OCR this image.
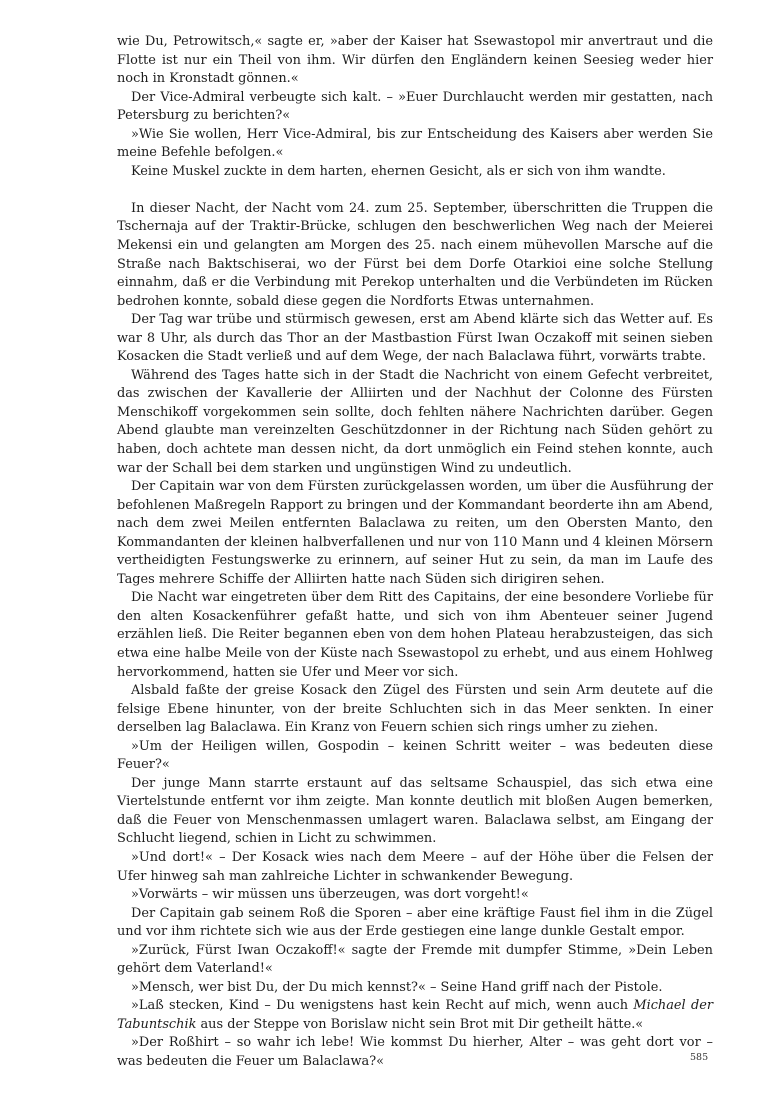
wie Du, Petrowitsch,« sagte er, »aber der Kaiser hat Ssewastopol mir anvertraut und die Flotte ist nur ein Theil von ihm. Wir dürfen den Engländern keinen Seesieg weder hier noch in Kronstadt gönnen.«

Der Vice-Admiral verbeugte sich kalt. – »Euer Durchlaucht werden mir gestatten, nach Petersburg zu berichten?«

»Wie Sie wollen, Herr Vice-Admiral, bis zur Entscheidung des Kaisers aber werden Sie meine Befehle befolgen.«

Keine Muskel zuckte in dem harten, ehernen Gesicht, als er sich von ihm wandte.

In dieser Nacht, der Nacht vom 24. zum 25. September, überschritten die Truppen die Tschernaja auf der Traktir-Brücke, schlugen den beschwerlichen Weg nach der Meierei Mekensi ein und gelangten am Morgen des 25. nach einem mühevollen Marsche auf die Straße nach Baktschiserai, wo der Fürst bei dem Dorfe Otarkioi eine solche Stellung einnahm, daß er die Verbindung mit Perekop unterhalten und die Verbündeten im Rücken bedrohen konnte, sobald diese gegen die Nordforts Etwas unternahmen.

Der Tag war trübe und stürmisch gewesen, erst am Abend klärte sich das Wetter auf. Es war 8 Uhr, als durch das Thor an der Mastbastion Fürst Iwan Oczakoff mit seinen sieben Kosacken die Stadt verließ und auf dem Wege, der nach Balaclawa führt, vorwärts trabte.

Während des Tages hatte sich in der Stadt die Nachricht von einem Gefecht verbreitet, das zwischen der Kavallerie der Alliirten und der Nachhut der Colonne des Fürsten Menschikoff vorgekommen sein sollte, doch fehlten nähere Nachrichten darüber. Gegen Abend glaubte man vereinzelten Geschützdonner in der Richtung nach Süden gehört zu haben, doch achtete man dessen nicht, da dort unmöglich ein Feind stehen konnte, auch war der Schall bei dem starken und ungünstigen Wind zu undeutlich.

Der Capitain war von dem Fürsten zurückgelassen worden, um über die Ausführung der befohlenen Maßregeln Rapport zu bringen und der Kommandant beorderte ihn am Abend, nach dem zwei Meilen entfernten Balaclawa zu reiten, um den Obersten Manto, den Kommandanten der kleinen halbverfallenen und nur von 110 Mann und 4 kleinen Mörsern vertheidigten Festungswerke zu erinnern, auf seiner Hut zu sein, da man im Laufe des Tages mehrere Schiffe der Alliirten hatte nach Süden sich dirigiren sehen.

Die Nacht war eingetreten über dem Ritt des Capitains, der eine besondere Vorliebe für den alten Kosackenführer gefaßt hatte, und sich von ihm Abenteuer seiner Jugend erzählen ließ. Die Reiter begannen eben von dem hohen Plateau herabzusteigen, das sich etwa eine halbe Meile von der Küste nach Ssewastopol zu erhebt, und aus einem Hohlweg hervorkommend, hatten sie Ufer und Meer vor sich.

Alsbald faßte der greise Kosack den Zügel des Fürsten und sein Arm deutete auf die felsige Ebene hinunter, von der breite Schluchten sich in das Meer senkten. In einer derselben lag Balaclawa. Ein Kranz von Feuern schien sich rings umher zu ziehen.

»Um der Heiligen willen, Gospodin – keinen Schritt weiter – was bedeuten diese Feuer?«

Der junge Mann starrte erstaunt auf das seltsame Schauspiel, das sich etwa eine Viertelstunde entfernt vor ihm zeigte. Man konnte deutlich mit bloßen Augen bemerken, daß die Feuer von Menschenmassen umlagert waren. Balaclawa selbst, am Eingang der Schlucht liegend, schien in Licht zu schwimmen.

»Und dort!« – Der Kosack wies nach dem Meere – auf der Höhe über die Felsen der Ufer hinweg sah man zahlreiche Lichter in schwankender Bewegung.

»Vorwärts – wir müssen uns überzeugen, was dort vorgeht!«

Der Capitain gab seinem Roß die Sporen – aber eine kräftige Faust fiel ihm in die Zügel und vor ihm richtete sich wie aus der Erde gestiegen eine lange dunkle Gestalt empor.

»Zurück, Fürst Iwan Oczakoff!« sagte der Fremde mit dumpfer Stimme, »Dein Leben gehört dem Vaterland!«

»Mensch, wer bist Du, der Du mich kennst?« – Seine Hand griff nach der Pistole.

»Laß stecken, Kind – Du wenigstens hast kein Recht auf mich, wenn auch Michael der Tabuntschik aus der Steppe von Borislaw nicht sein Brot mit Dir getheilt hätte.«

»Der Roßhirt – so wahr ich lebe! Wie kommst Du hierher, Alter – was geht dort vor – was bedeuten die Feuer um Balaclawa?«	585
